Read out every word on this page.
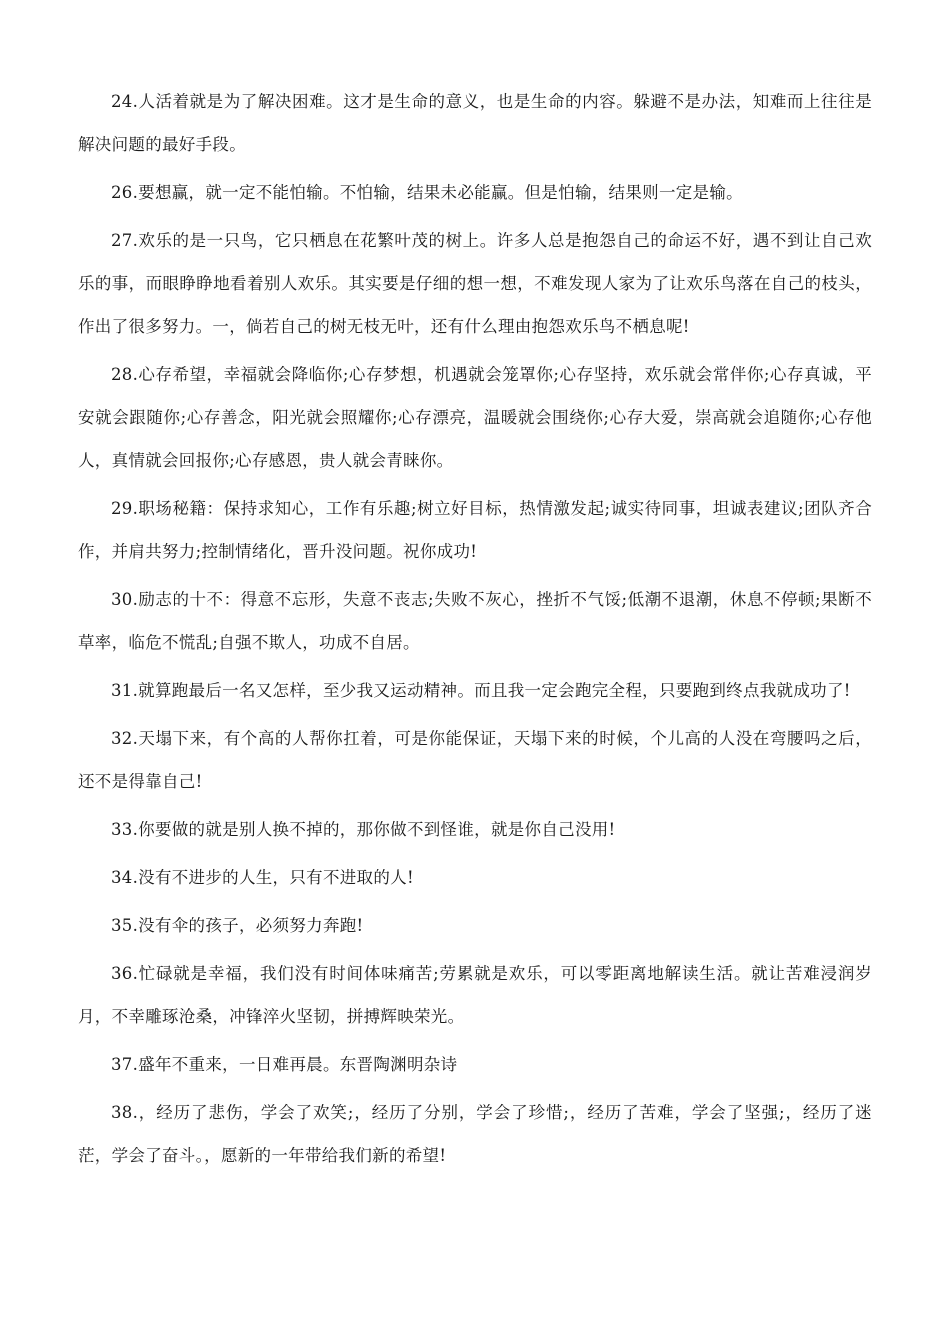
24.人活着就是为了解决困难。这才是生命的意义，也是生命的内容。躲避不是办法，知难而上往往是解决问题的最好手段。

26.要想赢，就一定不能怕输。不怕输，结果未必能赢。但是怕输，结果则一定是输。

27.欢乐的是一只鸟，它只栖息在花繁叶茂的树上。许多人总是抱怨自己的命运不好，遇不到让自己欢乐的事，而眼睁睁地看着别人欢乐。其实要是仔细的想一想，不难发现人家为了让欢乐鸟落在自己的枝头，作出了很多努力。一，倘若自己的树无枝无叶，还有什么理由抱怨欢乐鸟不栖息呢!

28.心存希望，幸福就会降临你;心存梦想，机遇就会笼罩你;心存坚持，欢乐就会常伴你;心存真诚，平安就会跟随你;心存善念，阳光就会照耀你;心存漂亮，温暖就会围绕你;心存大爱，崇高就会追随你;心存他人，真情就会回报你;心存感恩，贵人就会青睐你。

29.职场秘籍：保持求知心，工作有乐趣;树立好目标，热情激发起;诚实待同事，坦诚表建议;团队齐合作，并肩共努力;控制情绪化，晋升没问题。祝你成功!

30.励志的十不：得意不忘形，失意不丧志;失败不灰心，挫折不气馁;低潮不退潮，休息不停顿;果断不草率，临危不慌乱;自强不欺人，功成不自居。

31.就算跑最后一名又怎样，至少我又运动精神。而且我一定会跑完全程，只要跑到终点我就成功了!

32.天塌下来，有个高的人帮你扛着，可是你能保证，天塌下来的时候，个儿高的人没在弯腰吗之后，还不是得靠自己!

33.你要做的就是别人换不掉的，那你做不到怪谁，就是你自己没用!

34.没有不进步的人生，只有不进取的人!

35.没有伞的孩子，必须努力奔跑!

36.忙碌就是幸福，我们没有时间体味痛苦;劳累就是欢乐，可以零距离地解读生活。就让苦难浸润岁月，不幸雕琢沧桑，冲锋淬火坚韧，拼搏辉映荣光。

37.盛年不重来，一日难再晨。东晋陶渊明杂诗

38.，经历了悲伤，学会了欢笑;，经历了分别，学会了珍惜;，经历了苦难，学会了坚强;，经历了迷茫，学会了奋斗。，愿新的一年带给我们新的希望!
